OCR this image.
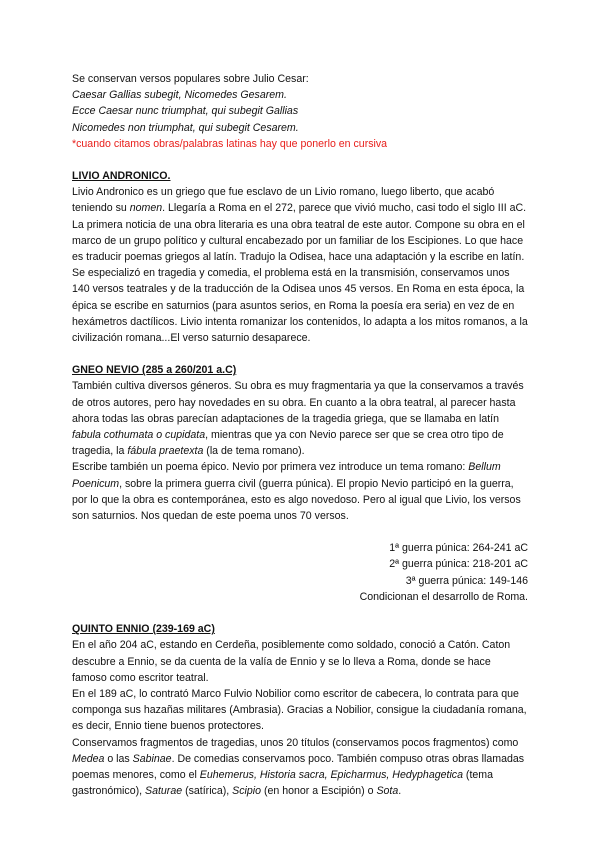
Se conservan versos populares sobre Julio Cesar:

Caesar Gallias subegit, Nicomedes Gesarem.

Ecce Caesar nunc triumphat, qui subegit Gallias

Nicomedes non triumphat, qui subegit Cesarem.

*cuando citamos obras/palabras latinas hay que ponerlo en cursiva

LIVIO ANDRONICO.

Livio Andronico es un griego que fue esclavo de un Livio romano, luego liberto, que acabó teniendo su nomen. Llegaría a Roma en el 272, parece que vivió mucho, casi todo el siglo III aC. La primera noticia de una obra literaria es una obra teatral de este autor. Compone su obra en el marco de un grupo político y cultural encabezado por un familiar de los Escipiones. Lo que hace es traducir poemas griegos al latín. Tradujo la Odisea, hace una adaptación y la escribe en latín. Se especializó en tragedia y comedia, el problema está en la transmisión, conservamos unos 140 versos teatrales y de la traducción de la Odisea unos 45 versos. En Roma en esta época, la épica se escribe en saturnios (para asuntos serios, en Roma la poesía era seria) en vez de en hexámetros dactílicos. Livio intenta romanizar los contenidos, lo adapta a los mitos romanos, a la civilización romana...El verso saturnio desaparece.

GNEO NEVIO (285 a 260/201 a.C)

También cultiva diversos géneros. Su obra es muy fragmentaria ya que la conservamos a través de otros autores, pero hay novedades en su obra. En cuanto a la obra teatral, al parecer hasta ahora todas las obras parecían adaptaciones de la tragedia griega, que se llamaba en latín fabula cothumata o cupidata, mientras que ya con Nevio parece ser que se crea otro tipo de tragedia, la fábula praetexta (la de tema romano).

Escribe también un poema épico. Nevio por primera vez introduce un tema romano: Bellum Poenicum, sobre la primera guerra civil (guerra púnica). El propio Nevio participó en la guerra, por lo que la obra es contemporánea, esto es algo novedoso. Pero al igual que Livio, los versos son saturnios. Nos quedan de este poema unos 70 versos.

1ª guerra púnica: 264-241 aC

2ª guerra púnica: 218-201 aC

3ª guerra púnica: 149-146

Condicionan el desarrollo de Roma.

QUINTO ENNIO (239-169 aC)

En el año 204 aC, estando en Cerdeña, posiblemente como soldado, conoció a Catón. Caton descubre a Ennio, se da cuenta de la valía de Ennio y se lo lleva a Roma, donde se hace famoso como escritor teatral.

En el 189 aC, lo contrató Marco Fulvio Nobilior como escritor de cabecera, lo contrata para que componga sus hazañas militares (Ambrasia). Gracias a Nobilior, consigue la ciudadanía romana, es decir, Ennio tiene buenos protectores.

Conservamos fragmentos de tragedias, unos 20 títulos (conservamos pocos fragmentos) como Medea o las Sabinae. De comedias conservamos poco. También compuso otras obras llamadas poemas menores, como el Euhemerus, Historia sacra, Epicharmus, Hedyphagetica (tema gastronómico), Saturae (satírica), Scipio (en honor a Escipión) o Sota.
